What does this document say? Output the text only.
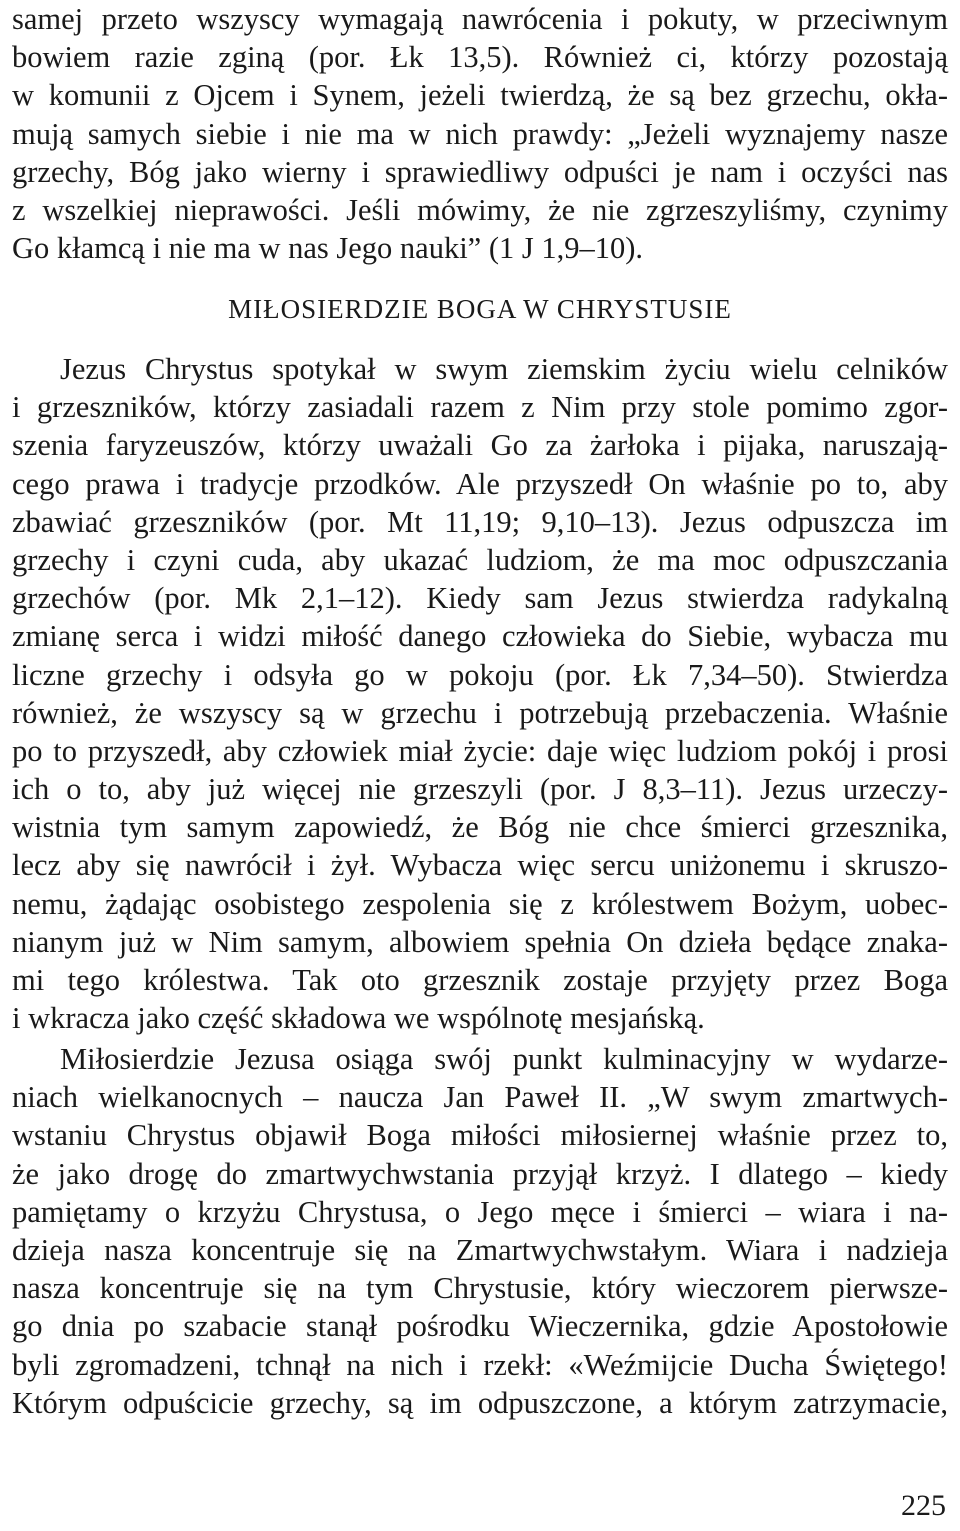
samej przeto wszyscy wymagają nawrócenia i pokuty, w przeciwnym
bowiem razie zginą (por. Łk 13,5). Również ci, którzy pozostają
w komunii z Ojcem i Synem, jeżeli twierdzą, że są bez grzechu, okła-
mują samych siebie i nie ma w nich prawdy: „Jeżeli wyznajemy nasze
grzechy, Bóg jako wierny i sprawiedliwy odpuści je nam i oczyści nas
z wszelkiej nieprawości. Jeśli mówimy, że nie zgrzeszyliśmy, czynimy
Go kłamcą i nie ma w nas Jego nauki” (1 J 1,9–10).
MIŁOSIERDZIE BOGA W CHRYSTUSIE
Jezus Chrystus spotykał w swym ziemskim życiu wielu celników
i grzeszników, którzy zasiadali razem z Nim przy stole pomimo zgor-
szenia faryzeuszów, którzy uważali Go za żarłoka i pijaka, naruszają-
cego prawa i tradycje przodków. Ale przyszedł On właśnie po to, aby
zbawiać grzeszników (por. Mt 11,19; 9,10–13). Jezus odpuszcza im
grzechy i czyni cuda, aby ukazać ludziom, że ma moc odpuszczania
grzechów (por. Mk 2,1–12). Kiedy sam Jezus stwierdza radykalną
zmianę serca i widzi miłość danego człowieka do Siebie, wybacza mu
liczne grzechy i odsyła go w pokoju (por. Łk 7,34–50). Stwierdza
również, że wszyscy są w grzechu i potrzebują przebaczenia. Właśnie
po to przyszedł, aby człowiek miał życie: daje więc ludziom pokój i prosi
ich o to, aby już więcej nie grzeszyli (por. J 8,3–11). Jezus urzeczy-
wistnia tym samym zapowiedź, że Bóg nie chce śmierci grzesznika,
lecz aby się nawrócił i żył. Wybacza więc sercu uniżonemu i skruszo-
nemu, żądając osobistego zespolenia się z królestwem Bożym, uobec-
nianym już w Nim samym, albowiem spełnia On dzieła będące znaka-
mi tego królestwa. Tak oto grzesznik zostaje przyjęty przez Boga
i wkracza jako część składowa we wspólnotę mesjańską.
Miłosierdzie Jezusa osiąga swój punkt kulminacyjny w wydarze-
niach wielkanocnych – naucza Jan Paweł II. „W swym zmartwych-
wstaniu Chrystus objawił Boga miłości miłosiernej właśnie przez to,
że jako drogę do zmartwychwstania przyjął krzyż. I dlatego – kiedy
pamiętamy o krzyżu Chrystusa, o Jego męce i śmierci – wiara i na-
dzieja nasza koncentruje się na Zmartwychwstałym. Wiara i nadzieja
nasza koncentruje się na tym Chrystusie, który wieczorem pierwsze-
go dnia po szabacie stanął pośrodku Wieczernika, gdzie Apostołowie
byli zgromadzeni, tchnął na nich i rzekł: «Weźmijcie Ducha Świętego!
Którym odpuścicie grzechy, są im odpuszczone, a którym zatrzymacie,
225
